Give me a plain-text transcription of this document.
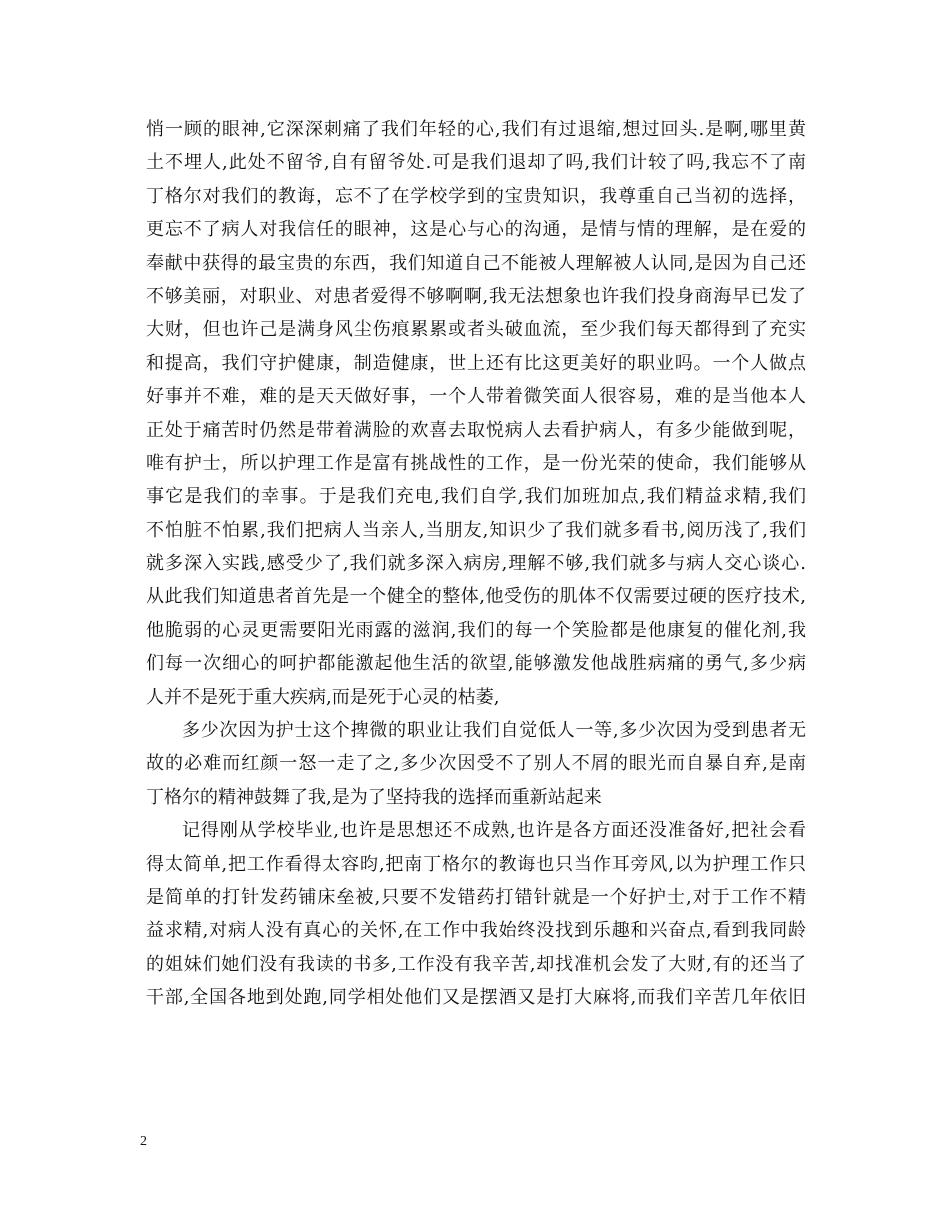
悄一顾的眼神,它深深刺痛了我们年轻的心,我们有过退缩,想过回头.是啊,哪里黄
土不埋人,此处不留爷,自有留爷处.可是我们退却了吗,我们计较了吗,我忘不了南
丁格尔对我们的教诲，忘不了在学校学到的宝贵知识，我尊重自己当初的选择，
更忘不了病人对我信任的眼神，这是心与心的沟通，是情与情的理解，是在爱的
奉献中获得的最宝贵的东西，我们知道自己不能被人理解被人认同,是因为自己还
不够美丽，对职业、对患者爱得不够啊啊,我无法想象也许我们投身商海早已发了
大财，但也许己是满身风尘伤痕累累或者头破血流，至少我们每天都得到了充实
和提高，我们守护健康，制造健康，世上还有比这更美好的职业吗。一个人做点
好事并不难，难的是天天做好事，一个人带着微笑面人很容易，难的是当他本人
正处于痛苦时仍然是带着满脸的欢喜去取悦病人去看护病人，有多少能做到呢，
唯有护士，所以护理工作是富有挑战性的工作，是一份光荣的使命，我们能够从
事它是我们的幸事。于是我们充电,我们自学,我们加班加点,我们精益求精,我们
不怕脏不怕累,我们把病人当亲人,当朋友,知识少了我们就多看书,阅历浅了,我们
就多深入实践,感受少了,我们就多深入病房,理解不够,我们就多与病人交心谈心.
从此我们知道患者首先是一个健全的整体,他受伤的肌体不仅需要过硬的医疗技术,
他脆弱的心灵更需要阳光雨露的滋润,我们的每一个笑脸都是他康复的催化剂,我
们每一次细心的呵护都能激起他生活的欲望,能够激发他战胜病痛的勇气,多少病
人并不是死于重大疾病,而是死于心灵的枯萎,
多少次因为护士这个捭微的职业让我们自觉低人一等,多少次因为受到患者无
故的必难而红颜一怒一走了之,多少次因受不了别人不屑的眼光而自暴自弃,是南
丁格尔的精神鼓舞了我,是为了坚持我的选择而重新站起来
记得刚从学校毕业,也许是思想还不成熟,也许是各方面还没准备好,把社会看
得太简单,把工作看得太容昀,把南丁格尔的教诲也只当作耳旁风,以为护理工作只
是简单的打针发药铺床垒被,只要不发错药打错针就是一个好护士,对于工作不精
益求精,对病人没有真心的关怀,在工作中我始终没找到乐趣和兴奋点,看到我同龄
的姐妹们她们没有我读的书多,工作没有我辛苦,却找准机会发了大财,有的还当了
干部,全国各地到处跑,同学相处他们又是摆酒又是打大麻将,而我们辛苦几年依旧
2
